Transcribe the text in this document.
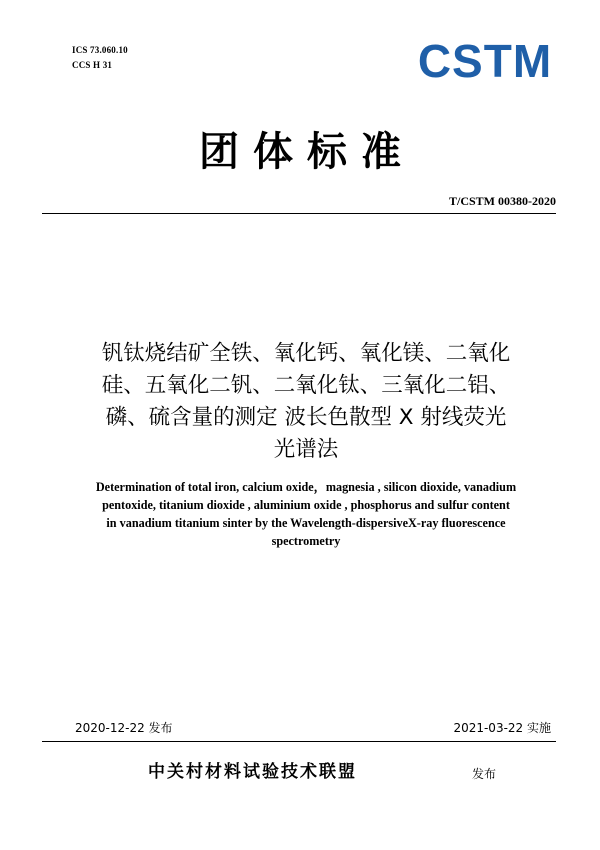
ICS 73.060.10
CCS H 31	CSTM
团体标准
T/CSTM 00380-2020
钒钛烧结矿全铁、氧化钙、氧化镁、二氧化
硅、五氧化二钒、二氧化钛、三氧化二铝、
磷、硫含量的测定 波长色散型 X 射线荧光
光谱法
Determination of total iron, calcium oxide，magnesia , silicon dioxide, vanadium
pentoxide, titanium dioxide , aluminium oxide , phosphorus and sulfur content
in vanadium titanium sinter by the Wavelength-dispersiveX-ray fluorescence
spectrometry
2020-12-22 发布	2021-03-22 实施
中关村材料试验技术联盟	发布
